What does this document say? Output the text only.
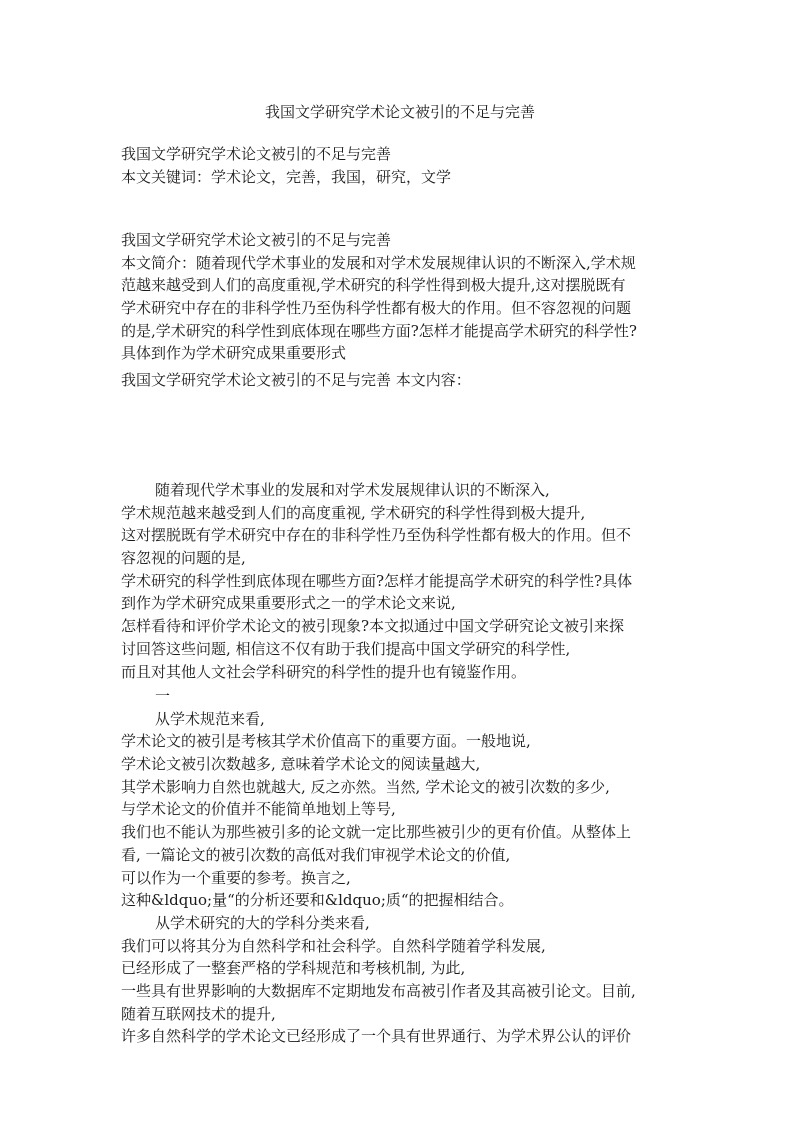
我国文学研究学术论文被引的不足与完善
我国文学研究学术论文被引的不足与完善
本文关键词：学术论文，完善，我国，研究，文学
我国文学研究学术论文被引的不足与完善
本文简介：随着现代学术事业的发展和对学术发展规律认识的不断深入,学术规
范越来越受到人们的高度重视,学术研究的科学性得到极大提升,这对摆脱既有
学术研究中存在的非科学性乃至伪科学性都有极大的作用。但不容忽视的问题
的是,学术研究的科学性到底体现在哪些方面?怎样才能提高学术研究的科学性?
具体到作为学术研究成果重要形式
我国文学研究学术论文被引的不足与完善 本文内容：
随着现代学术事业的发展和对学术发展规律认识的不断深入,
学术规范越来越受到人们的高度重视, 学术研究的科学性得到极大提升,
这对摆脱既有学术研究中存在的非科学性乃至伪科学性都有极大的作用。但不
容忽视的问题的是,
学术研究的科学性到底体现在哪些方面?怎样才能提高学术研究的科学性?具体
到作为学术研究成果重要形式之一的学术论文来说,
怎样看待和评价学术论文的被引现象?本文拟通过中国文学研究论文被引来探
讨回答这些问题, 相信这不仅有助于我们提高中国文学研究的科学性,
而且对其他人文社会学科研究的科学性的提升也有镜鉴作用。
一
从学术规范来看,
学术论文的被引是考核其学术价值高下的重要方面。一般地说,
学术论文被引次数越多, 意味着学术论文的阅读量越大,
其学术影响力自然也就越大, 反之亦然。当然, 学术论文的被引次数的多少,
与学术论文的价值并不能简单地划上等号,
我们也不能认为那些被引多的论文就一定比那些被引少的更有价值。从整体上
看, 一篇论文的被引次数的高低对我们审视学术论文的价值,
可以作为一个重要的参考。换言之,
这种&ldquo;量“的分析还要和&ldquo;质“的把握相结合。
从学术研究的大的学科分类来看,
我们可以将其分为自然科学和社会科学。自然科学随着学科发展,
已经形成了一整套严格的学科规范和考核机制, 为此,
一些具有世界影响的大数据库不定期地发布高被引作者及其高被引论文。目前,
随着互联网技术的提升,
许多自然科学的学术论文已经形成了一个具有世界通行、为学术界公认的评价
